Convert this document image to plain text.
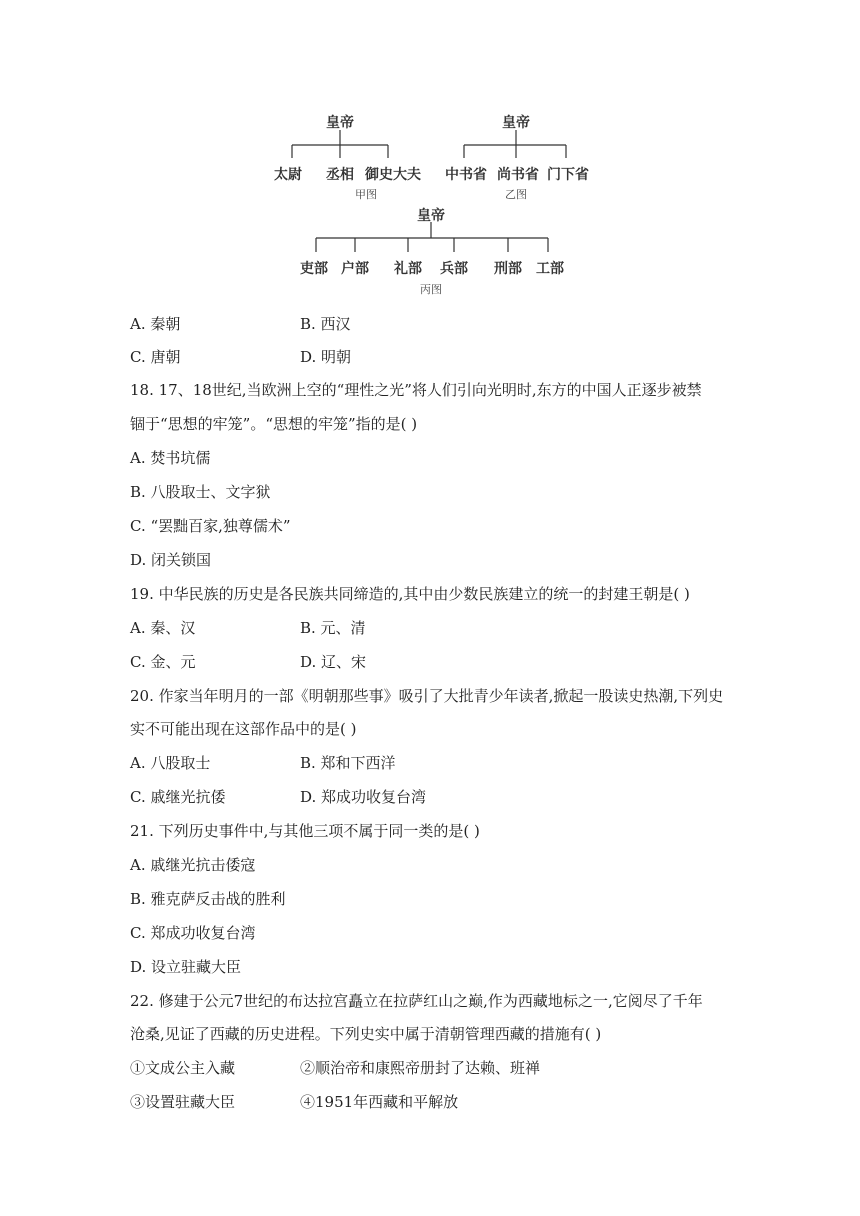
皇帝
太尉 丞相 御史大夫
甲图
皇帝
中书省 尚书省 门下省
乙图
皇帝
吏部 户部 礼部 兵部 刑部 工部
丙图
A. 秦朝	B. 西汉
C. 唐朝	D. 明朝
18. 17、18世纪,当欧洲上空的“理性之光”将人们引向光明时,东方的中国人正逐步被禁
锢于“思想的牢笼”。“思想的牢笼”指的是( )
A. 焚书坑儒
B. 八股取士、文字狱
C. “罢黜百家,独尊儒术”
D. 闭关锁国
19. 中华民族的历史是各民族共同缔造的,其中由少数民族建立的统一的封建王朝是( )
A. 秦、汉	B. 元、清
C. 金、元	D. 辽、宋
20. 作家当年明月的一部《明朝那些事》吸引了大批青少年读者,掀起一股读史热潮,下列史
实不可能出现在这部作品中的是( )
A. 八股取士	B. 郑和下西洋
C. 戚继光抗倭	D. 郑成功收复台湾
21. 下列历史事件中,与其他三项不属于同一类的是( )
A. 戚继光抗击倭寇
B. 雅克萨反击战的胜利
C. 郑成功收复台湾
D. 设立驻藏大臣
22. 修建于公元7世纪的布达拉宫矗立在拉萨红山之巅,作为西藏地标之一,它阅尽了千年
沧桑,见证了西藏的历史进程。下列史实中属于清朝管理西藏的措施有( )
①文成公主入藏	②顺治帝和康熙帝册封了达赖、班禅
③设置驻藏大臣	④1951年西藏和平解放
